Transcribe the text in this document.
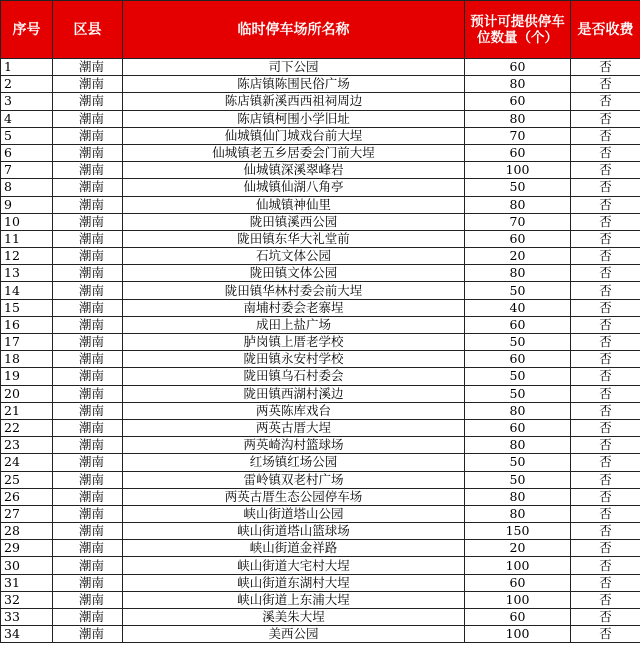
序号	区县	临时停车场所名称	预计可提供停车位数量（个）	是否收费
1	潮南	司下公园	60	否
2	潮南	陈店镇陈围民俗广场	80	否
3	潮南	陈店镇新溪西西祖祠周边	60	否
4	潮南	陈店镇柯围小学旧址	80	否
5	潮南	仙城镇仙门城戏台前大埕	70	否
6	潮南	仙城镇老五乡居委会门前大埕	60	否
7	潮南	仙城镇深溪翠峰岩	100	否
8	潮南	仙城镇仙湖八角亭	50	否
9	潮南	仙城镇神仙里	80	否
10	潮南	陇田镇溪西公园	70	否
11	潮南	陇田镇东华大礼堂前	60	否
12	潮南	石坑文体公园	20	否
13	潮南	陇田镇文体公园	80	否
14	潮南	陇田镇华林村委会前大埕	50	否
15	潮南	南埔村委会老寨埕	40	否
16	潮南	成田上盐广场	60	否
17	潮南	胪岗镇上厝老学校	50	否
18	潮南	陇田镇永安村学校	60	否
19	潮南	陇田镇乌石村委会	50	否
20	潮南	陇田镇西湖村溪边	50	否
21	潮南	两英陈库戏台	80	否
22	潮南	两英古厝大埕	60	否
23	潮南	两英崎沟村篮球场	80	否
24	潮南	红场镇红场公园	50	否
25	潮南	雷岭镇双老村广场	50	否
26	潮南	两英古厝生态公园停车场	80	否
27	潮南	峡山街道塔山公园	80	否
28	潮南	峡山街道塔山篮球场	150	否
29	潮南	峡山街道金祥路	20	否
30	潮南	峡山街道大宅村大埕	100	否
31	潮南	峡山街道东湖村大埕	60	否
32	潮南	峡山街道上东浦大埕	100	否
33	潮南	溪美朱大埕	60	否
34	潮南	美西公园	100	否
